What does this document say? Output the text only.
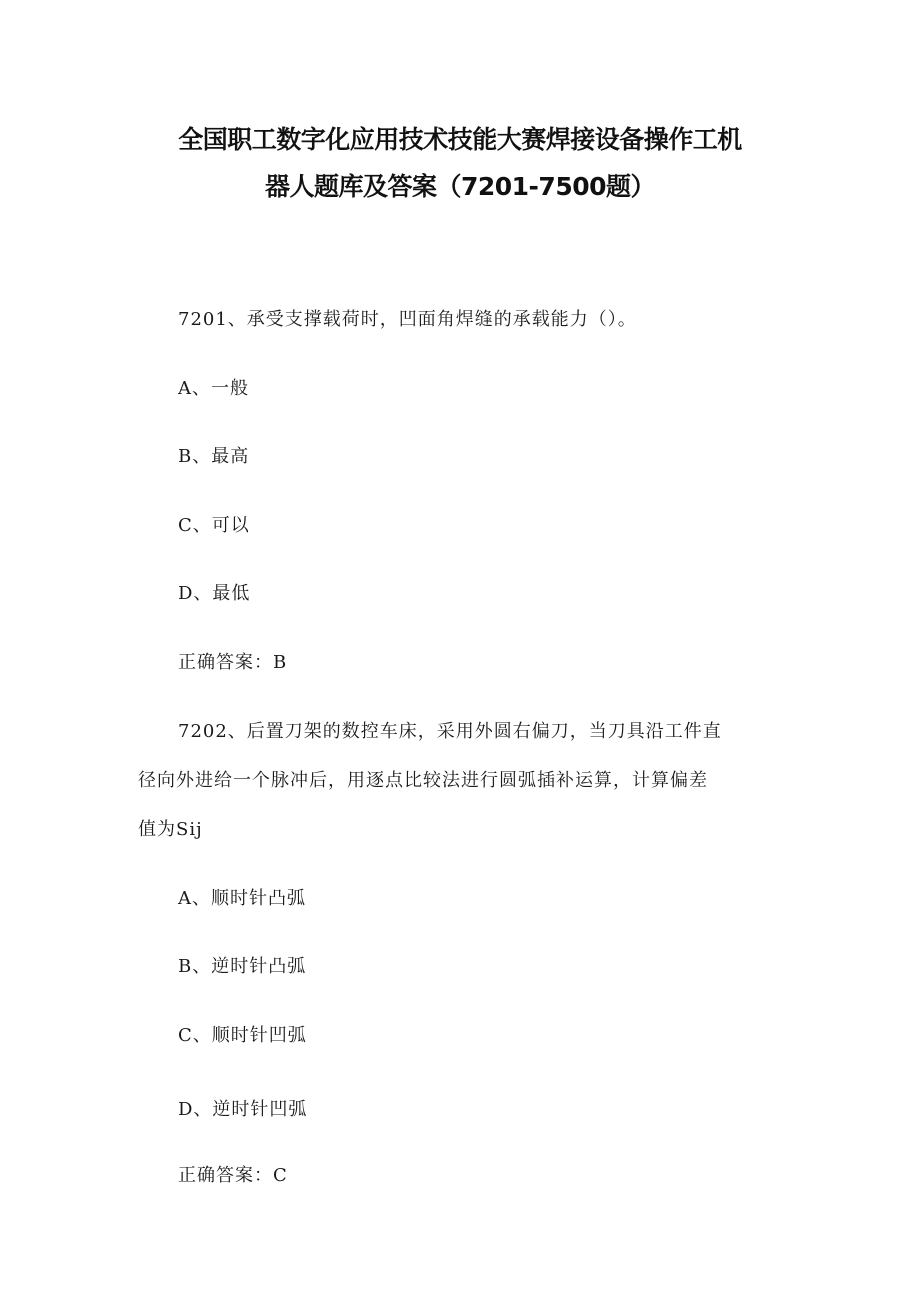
全国职工数字化应用技术技能大赛焊接设备操作工机
器人题库及答案（7201-7500题）

7201、承受支撑载荷时，凹面角焊缝的承载能力（）。

A、一般

B、最高

C、可以

D、最低

正确答案：B

7202、后置刀架的数控车床，采用外圆右偏刀，当刀具沿工件直

径向外进给一个脉冲后，用逐点比较法进行圆弧插补运算，计算偏差

值为Sij

A、顺时针凸弧

B、逆时针凸弧

C、顺时针凹弧

D、逆时针凹弧

正确答案：C
